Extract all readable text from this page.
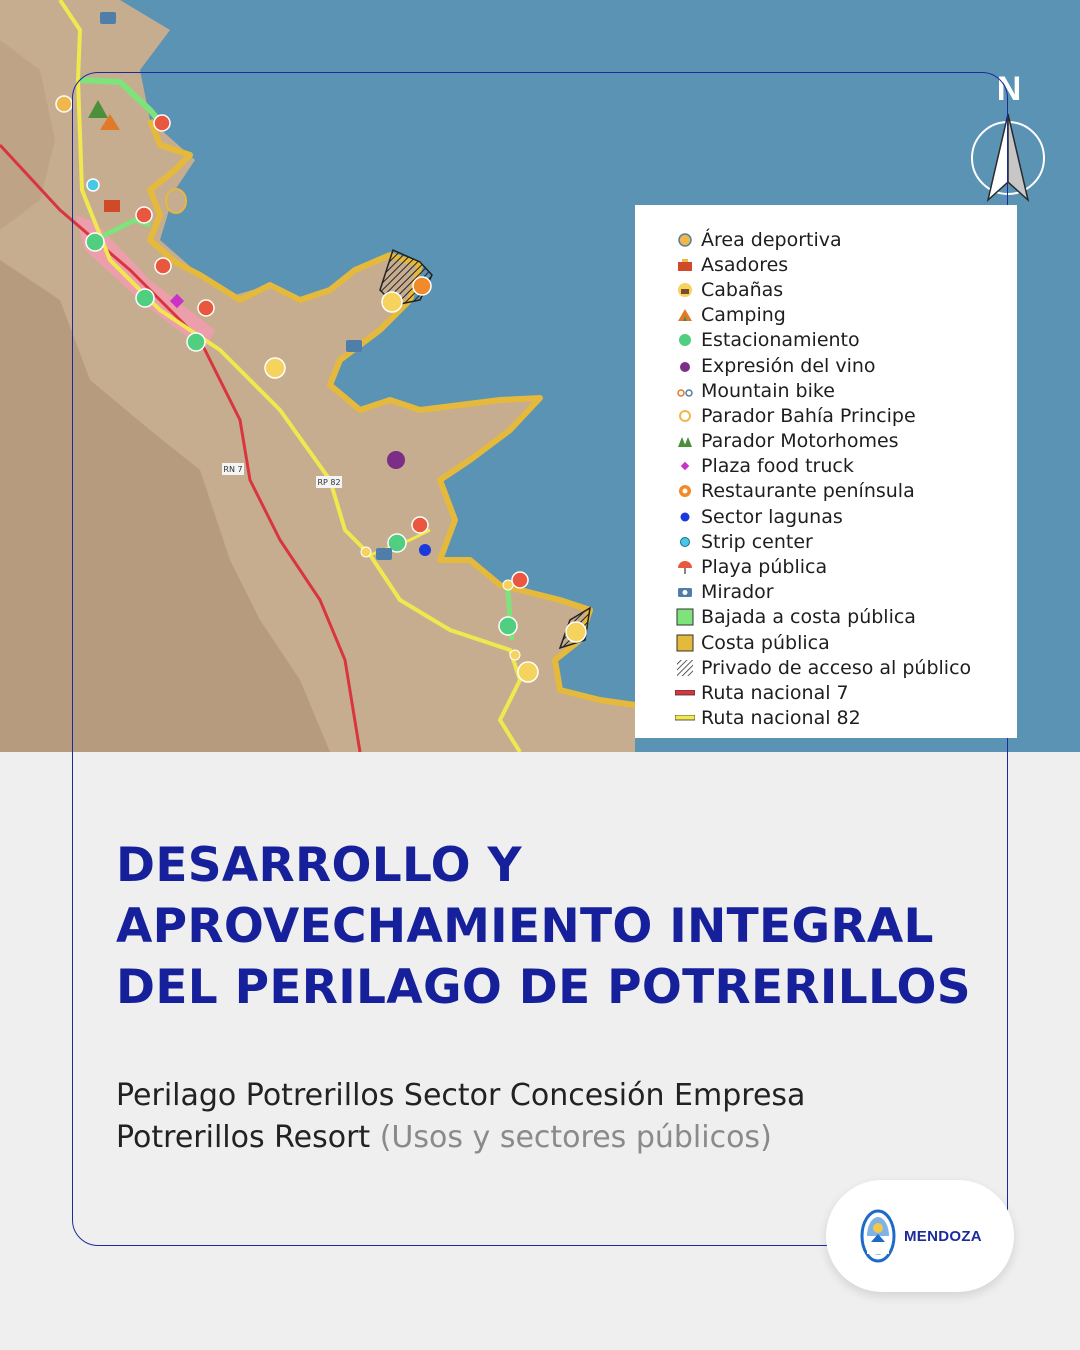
RN 7
RP 82
N
Área deportiva
Asadores
Cabañas
Camping
Estacionamiento
Expresión del vino
Mountain bike
Parador Bahía Principe
Parador Motorhomes
Plaza food truck
Restaurante península
Sector lagunas
Strip center
Playa pública
Mirador
Bajada a costa pública
Costa pública
Privado de acceso al público
Ruta nacional 7
Ruta nacional 82
DESARROLLO Y
APROVECHAMIENTO INTEGRAL
DEL PERILAGO DE POTRERILLOS
Perilago Potrerillos Sector Concesión Empresa Potrerillos Resort (Usos y sectores públicos)
MENDOZA
